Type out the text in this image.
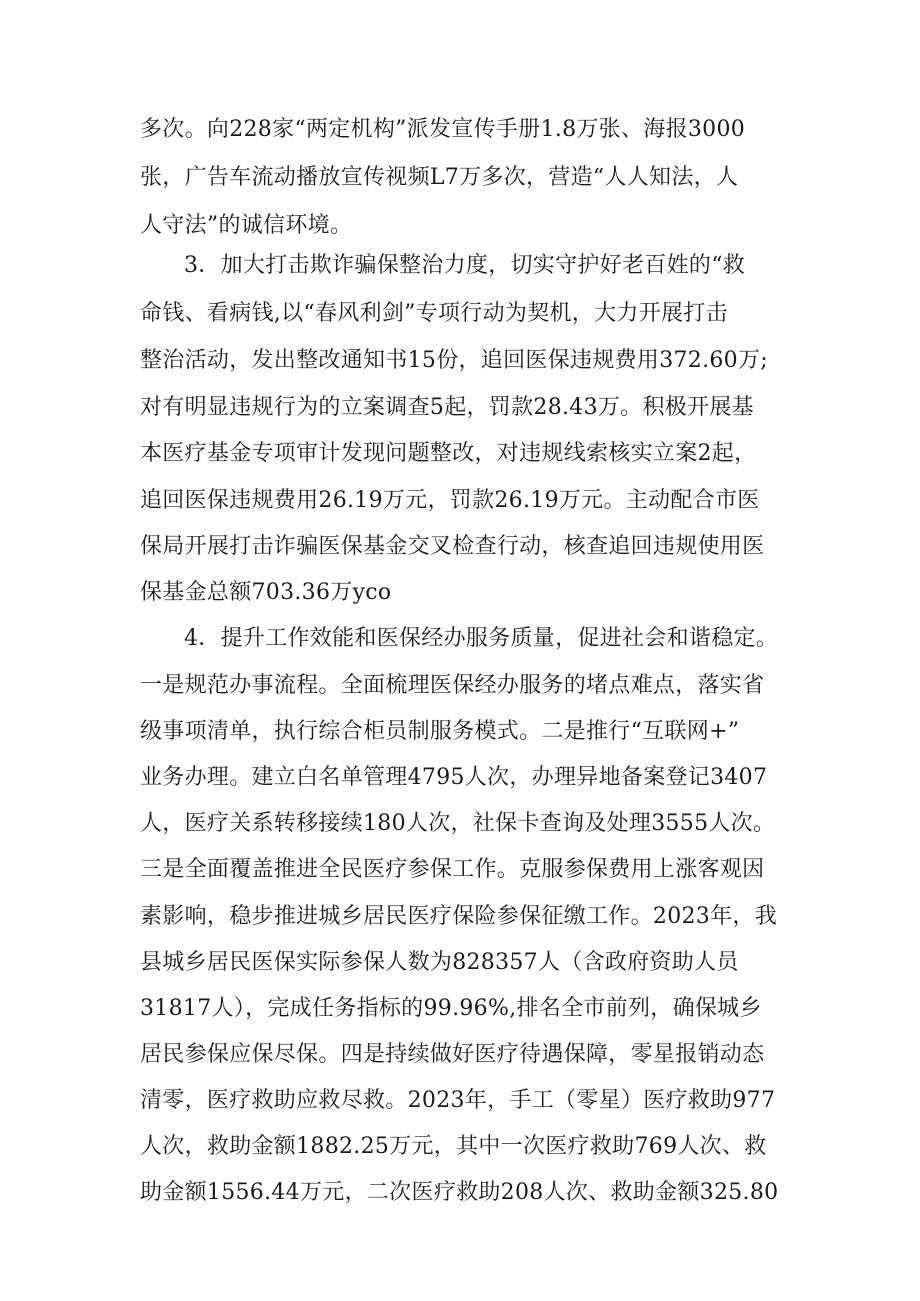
多次。向228家“两定机构”派发宣传手册1.8万张、海报3000
张，广告车流动播放宣传视频L7万多次，营造“人人知法，人
人守法”的诚信环境。
3．加大打击欺诈骗保整治力度，切实守护好老百姓的“救
命钱、看病钱,以“春风利剑”专项行动为契机，大力开展打击
整治活动，发出整改通知书15份，追回医保违规费用372.60万;
对有明显违规行为的立案调查5起，罚款28.43万。积极开展基
本医疗基金专项审计发现问题整改，对违规线索核实立案2起，
追回医保违规费用26.19万元，罚款26.19万元。主动配合市医
保局开展打击诈骗医保基金交叉检查行动，核查追回违规使用医
保基金总额703.36万yco
4．提升工作效能和医保经办服务质量，促进社会和谐稳定。
一是规范办事流程。全面梳理医保经办服务的堵点难点，落实省
级事项清单，执行综合柜员制服务模式。二是推行“互联网+”
业务办理。建立白名单管理4795人次，办理异地备案登记3407
人，医疗关系转移接续180人次，社保卡查询及处理3555人次。
三是全面覆盖推进全民医疗参保工作。克服参保费用上涨客观因
素影响，稳步推进城乡居民医疗保险参保征缴工作。2023年，我
县城乡居民医保实际参保人数为828357人（含政府资助人员
31817人），完成任务指标的99.96%,排名全市前列，确保城乡
居民参保应保尽保。四是持续做好医疗待遇保障，零星报销动态
清零，医疗救助应救尽救。2023年，手工（零星）医疗救助977
人次，救助金额1882.25万元，其中一次医疗救助769人次、救
助金额1556.44万元，二次医疗救助208人次、救助金额325.80
